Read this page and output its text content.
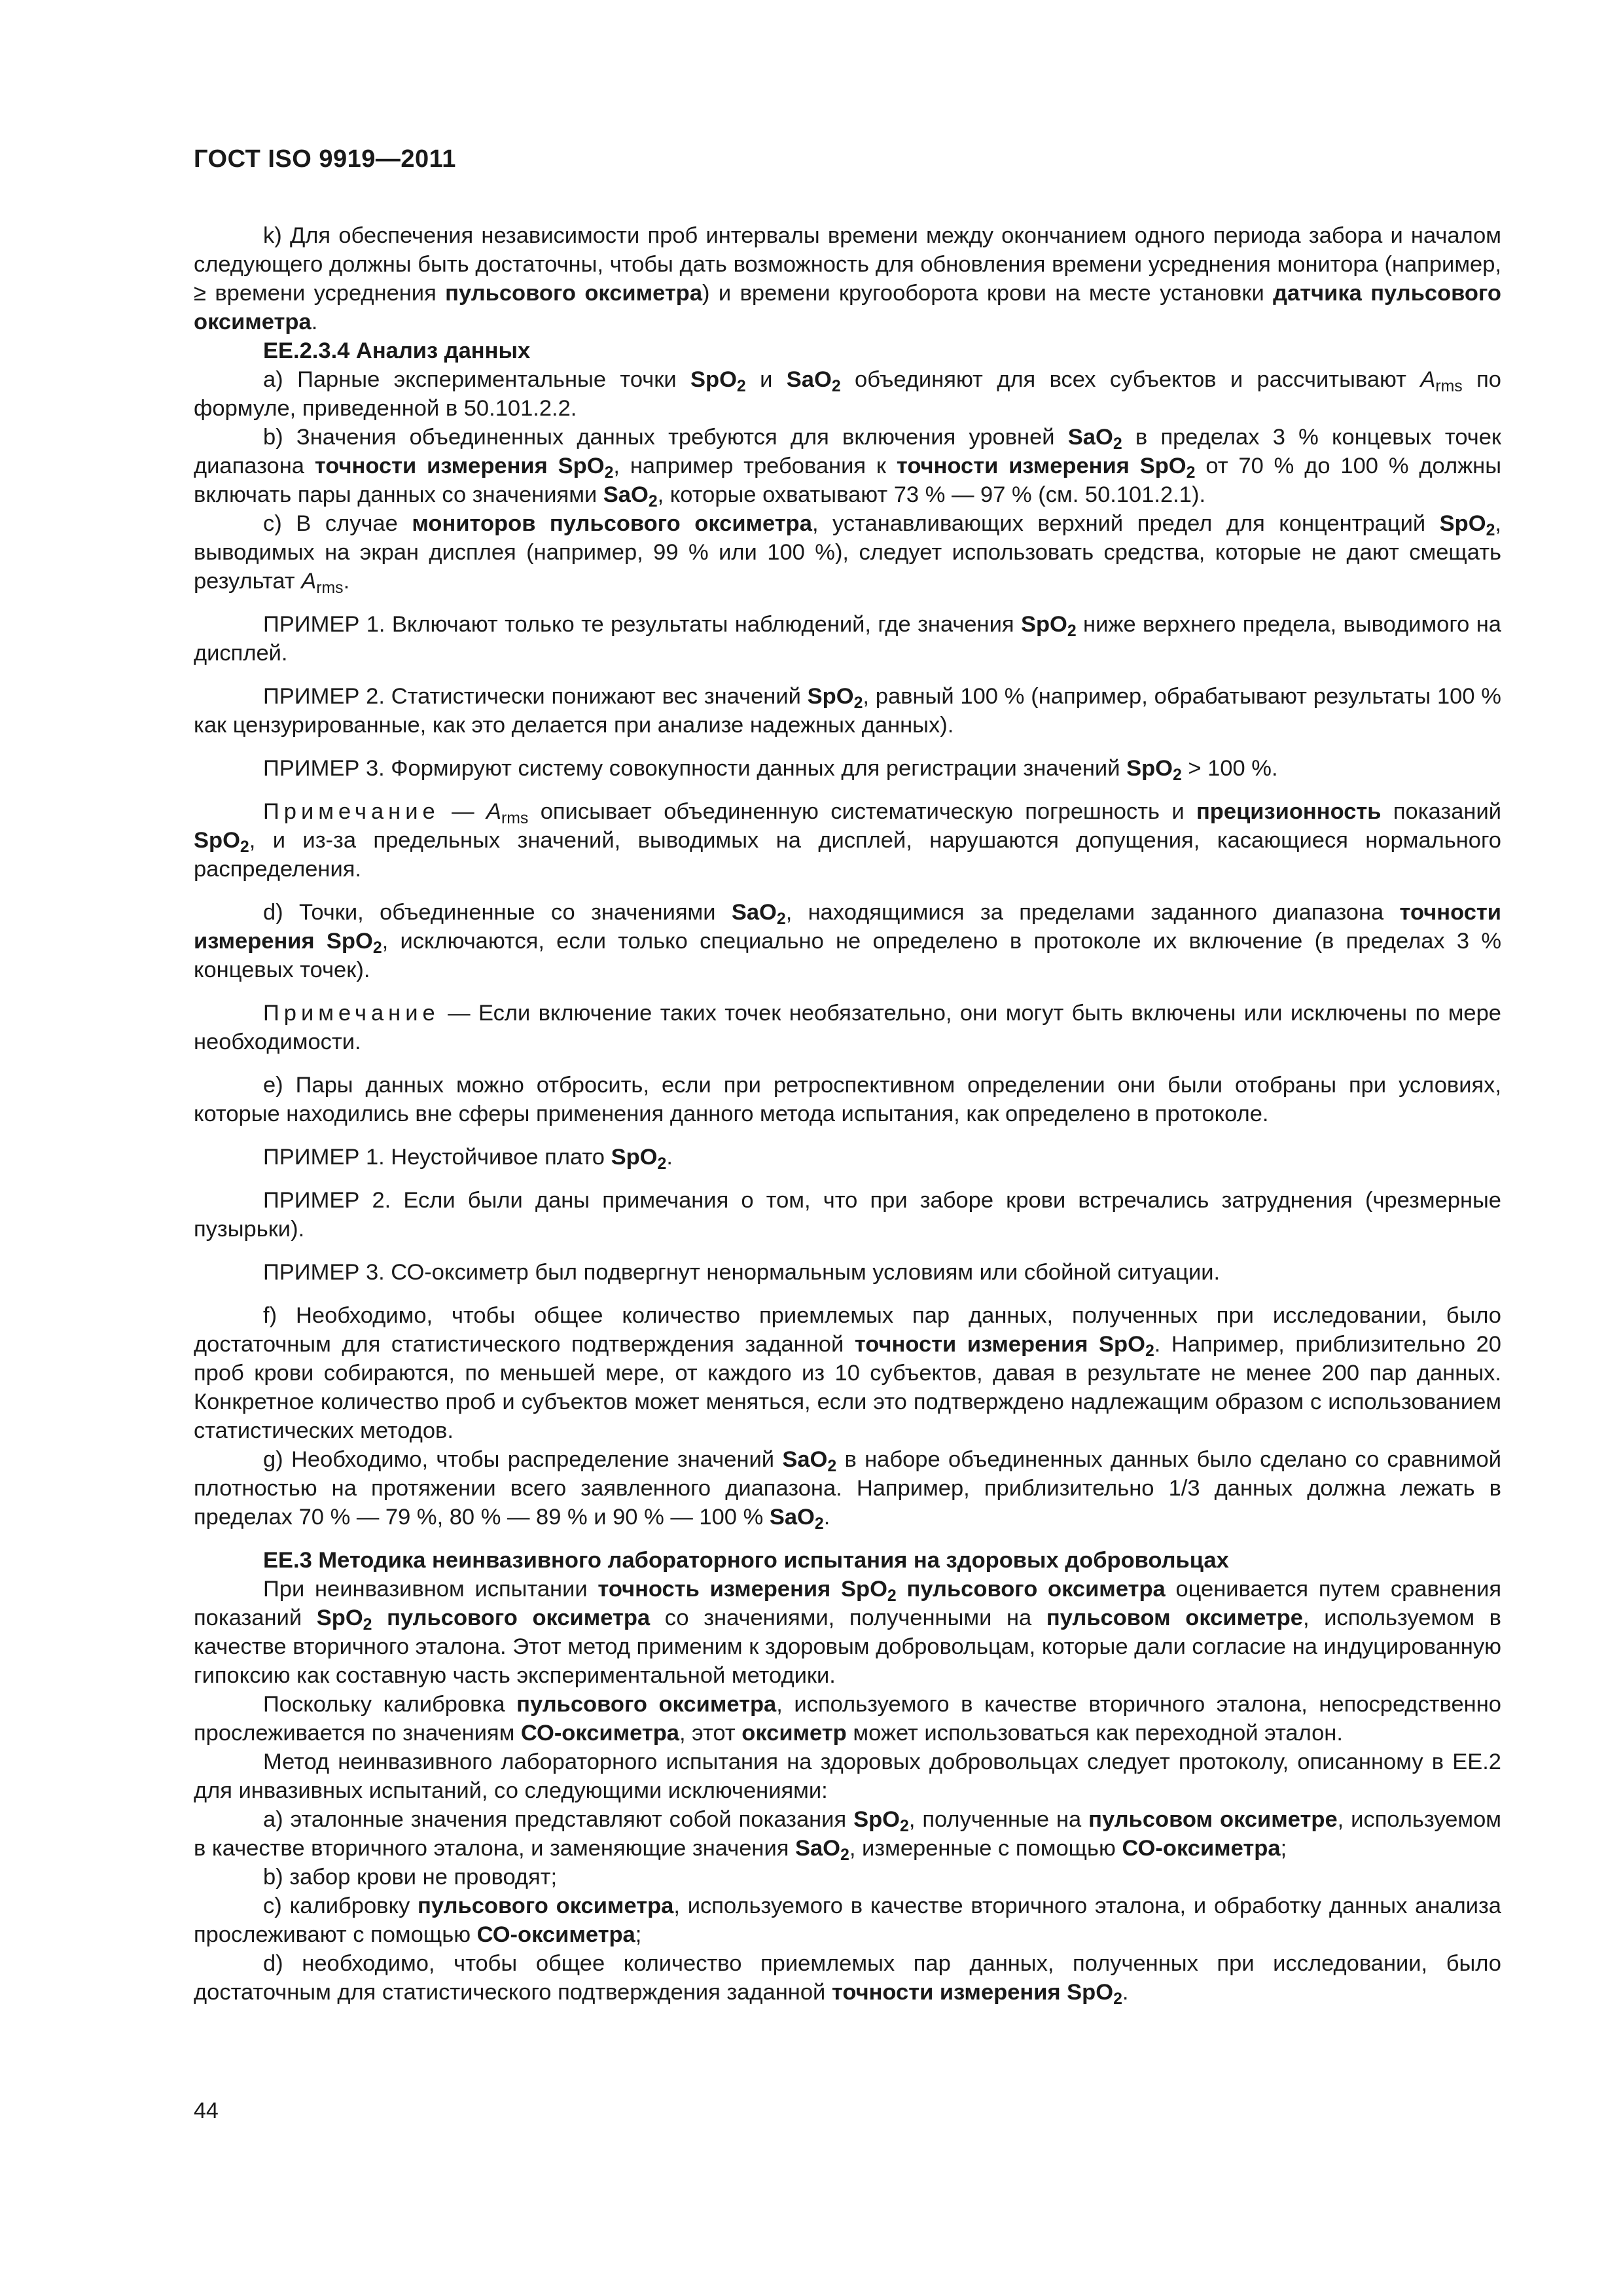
ГОСТ ISO 9919—2011

k) Для обеспечения независимости проб интервалы времени между окончанием одного периода забора и началом следующего должны быть достаточны, чтобы дать возможность для обновления времени усреднения монитора (например, ≥ времени усреднения пульсового оксиметра) и времени кругооборота крови на месте установки датчика пульсового оксиметра.

ЕЕ.2.3.4 Анализ данных

а) Парные экспериментальные точки SpO$_2$ и SaO$_2$ объединяют для всех субъектов и рассчитывают $A_{rms}$ по формуле, приведенной в 50.101.2.2.

b) Значения объединенных данных требуются для включения уровней SaO$_2$ в пределах 3 % концевых точек диапазона точности измерения SpO$_2$, например требования к точности измерения SpO$_2$ от 70 % до 100 % должны включать пары данных со значениями SaO$_2$, которые охватывают 73 % — 97 % (см. 50.101.2.1).

с) В случае мониторов пульсового оксиметра, устанавливающих верхний предел для концентраций SpO$_2$, выводимых на экран дисплея (например, 99 % или 100 %), следует использовать средства, которые не дают смещать результат $A_{rms}$.

ПРИМЕР 1. Включают только те результаты наблюдений, где значения SpO$_2$ ниже верхнего предела, выводимого на дисплей.

ПРИМЕР 2. Статистически понижают вес значений SpO$_2$, равный 100 % (например, обрабатывают результаты 100 % как цензурированные, как это делается при анализе надежных данных).

ПРИМЕР 3. Формируют систему совокупности данных для регистрации значений SpO$_2$ > 100 %.

Примечание — $A_{rms}$ описывает объединенную систематическую погрешность и прецизионность показаний SpO$_2$, и из-за предельных значений, выводимых на дисплей, нарушаются допущения, касающиеся нормального распределения.

d) Точки, объединенные со значениями SaO$_2$, находящимися за пределами заданного диапазона точности измерения SpO$_2$, исключаются, если только специально не определено в протоколе их включение (в пределах 3 % концевых точек).

Примечание — Если включение таких точек необязательно, они могут быть включены или исключены по мере необходимости.

е) Пары данных можно отбросить, если при ретроспективном определении они были отобраны при условиях, которые находились вне сферы применения данного метода испытания, как определено в протоколе.

ПРИМЕР 1. Неустойчивое плато SpO$_2$.

ПРИМЕР 2. Если были даны примечания о том, что при заборе крови встречались затруднения (чрезмерные пузырьки).

ПРИМЕР 3. СО-оксиметр был подвергнут ненормальным условиям или сбойной ситуации.

f) Необходимо, чтобы общее количество приемлемых пар данных, полученных при исследовании, было достаточным для статистического подтверждения заданной точности измерения SpO$_2$. Например, приблизительно 20 проб крови собираются, по меньшей мере, от каждого из 10 субъектов, давая в результате не менее 200 пар данных. Конкретное количество проб и субъектов может меняться, если это подтверждено надлежащим образом с использованием статистических методов.

g) Необходимо, чтобы распределение значений SaO$_2$ в наборе объединенных данных было сделано со сравнимой плотностью на протяжении всего заявленного диапазона. Например, приблизительно 1/3 данных должна лежать в пределах 70 % — 79 %, 80 % — 89 % и 90 % — 100 % SaO$_2$.

ЕЕ.3 Методика неинвазивного лабораторного испытания на здоровых добровольцах

При неинвазивном испытании точность измерения SpO$_2$ пульсового оксиметра оценивается путем сравнения показаний SpO$_2$ пульсового оксиметра со значениями, полученными на пульсовом оксиметре, используемом в качестве вторичного эталона. Этот метод применим к здоровым добровольцам, которые дали согласие на индуцированную гипоксию как составную часть экспериментальной методики.

Поскольку калибровка пульсового оксиметра, используемого в качестве вторичного эталона, непосредственно прослеживается по значениям СО-оксиметра, этот оксиметр может использоваться как переходной эталон.

Метод неинвазивного лабораторного испытания на здоровых добровольцах следует протоколу, описанному в ЕЕ.2 для инвазивных испытаний, со следующими исключениями:

а) эталонные значения представляют собой показания SpO$_2$, полученные на пульсовом оксиметре, используемом в качестве вторичного эталона, и заменяющие значения SaO$_2$, измеренные с помощью СО-оксиметра;

b) забор крови не проводят;

с) калибровку пульсового оксиметра, используемого в качестве вторичного эталона, и обработку данных анализа прослеживают с помощью СО-оксиметра;

d) необходимо, чтобы общее количество приемлемых пар данных, полученных при исследовании, было достаточным для статистического подтверждения заданной точности измерения SpO$_2$.

44
